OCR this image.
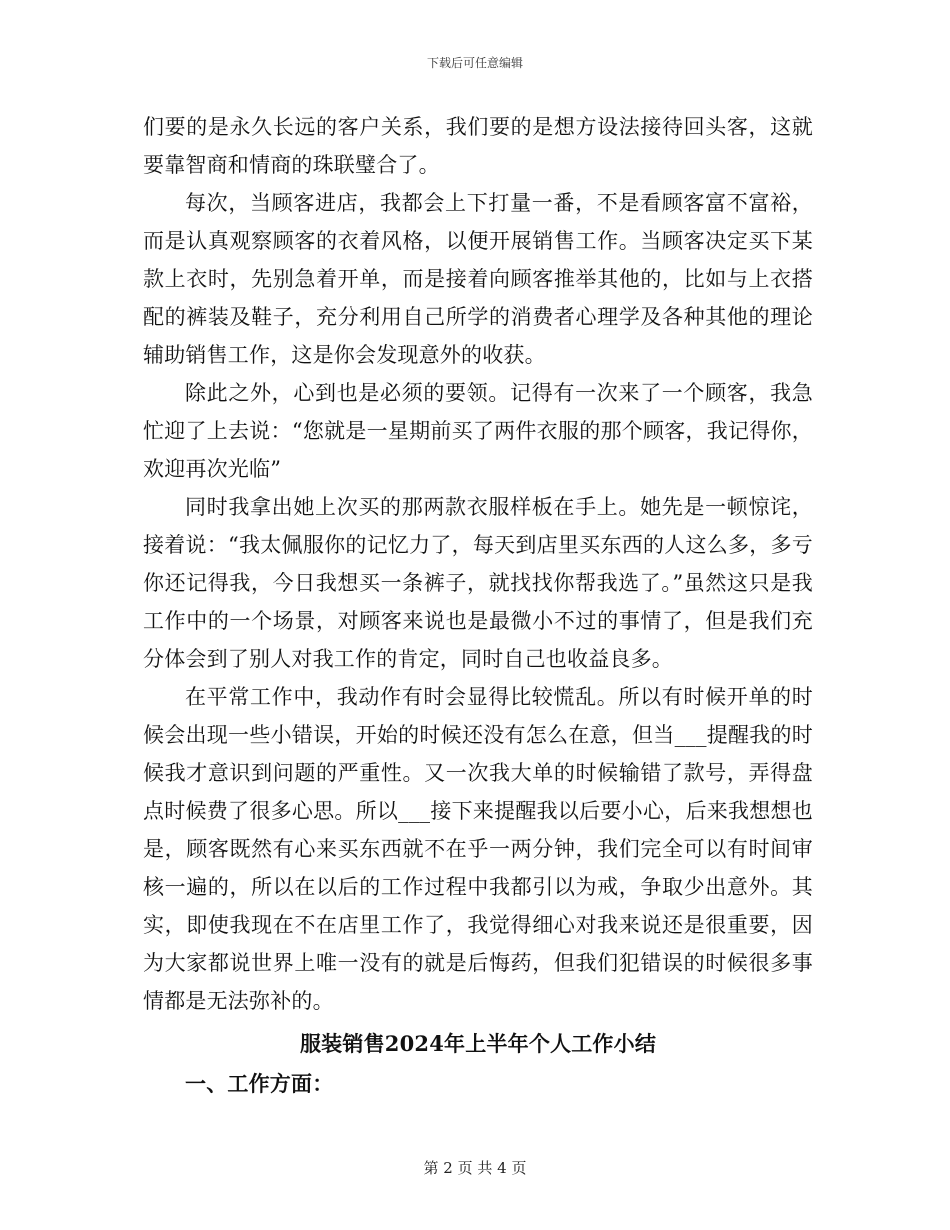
下载后可任意编辑

们要的是永久长远的客户关系，我们要的是想方设法接待回头客，这就要靠智商和情商的珠联璧合了。

每次，当顾客进店，我都会上下打量一番，不是看顾客富不富裕，而是认真观察顾客的衣着风格，以便开展销售工作。当顾客决定买下某款上衣时，先别急着开单，而是接着向顾客推举其他的，比如与上衣搭配的裤装及鞋子，充分利用自己所学的消费者心理学及各种其他的理论辅助销售工作，这是你会发现意外的收获。

除此之外，心到也是必须的要领。记得有一次来了一个顾客，我急忙迎了上去说：“您就是一星期前买了两件衣服的那个顾客，我记得你，欢迎再次光临”

同时我拿出她上次买的那两款衣服样板在手上。她先是一顿惊诧，接着说：“我太佩服你的记忆力了，每天到店里买东西的人这么多，多亏你还记得我，今日我想买一条裤子，就找找你帮我选了。”虽然这只是我工作中的一个场景，对顾客来说也是最微小不过的事情了，但是我们充分体会到了别人对我工作的肯定，同时自己也收益良多。

在平常工作中，我动作有时会显得比较慌乱。所以有时候开单的时候会出现一些小错误，开始的时候还没有怎么在意，但当___提醒我的时候我才意识到问题的严重性。又一次我大单的时候输错了款号，弄得盘点时候费了很多心思。所以___接下来提醒我以后要小心，后来我想想也是，顾客既然有心来买东西就不在乎一两分钟，我们完全可以有时间审核一遍的，所以在以后的工作过程中我都引以为戒，争取少出意外。其实，即使我现在不在店里工作了，我觉得细心对我来说还是很重要，因为大家都说世界上唯一没有的就是后悔药，但我们犯错误的时候很多事情都是无法弥补的。

服装销售2024年上半年个人工作小结

一、工作方面：

第 2 页 共 4 页
